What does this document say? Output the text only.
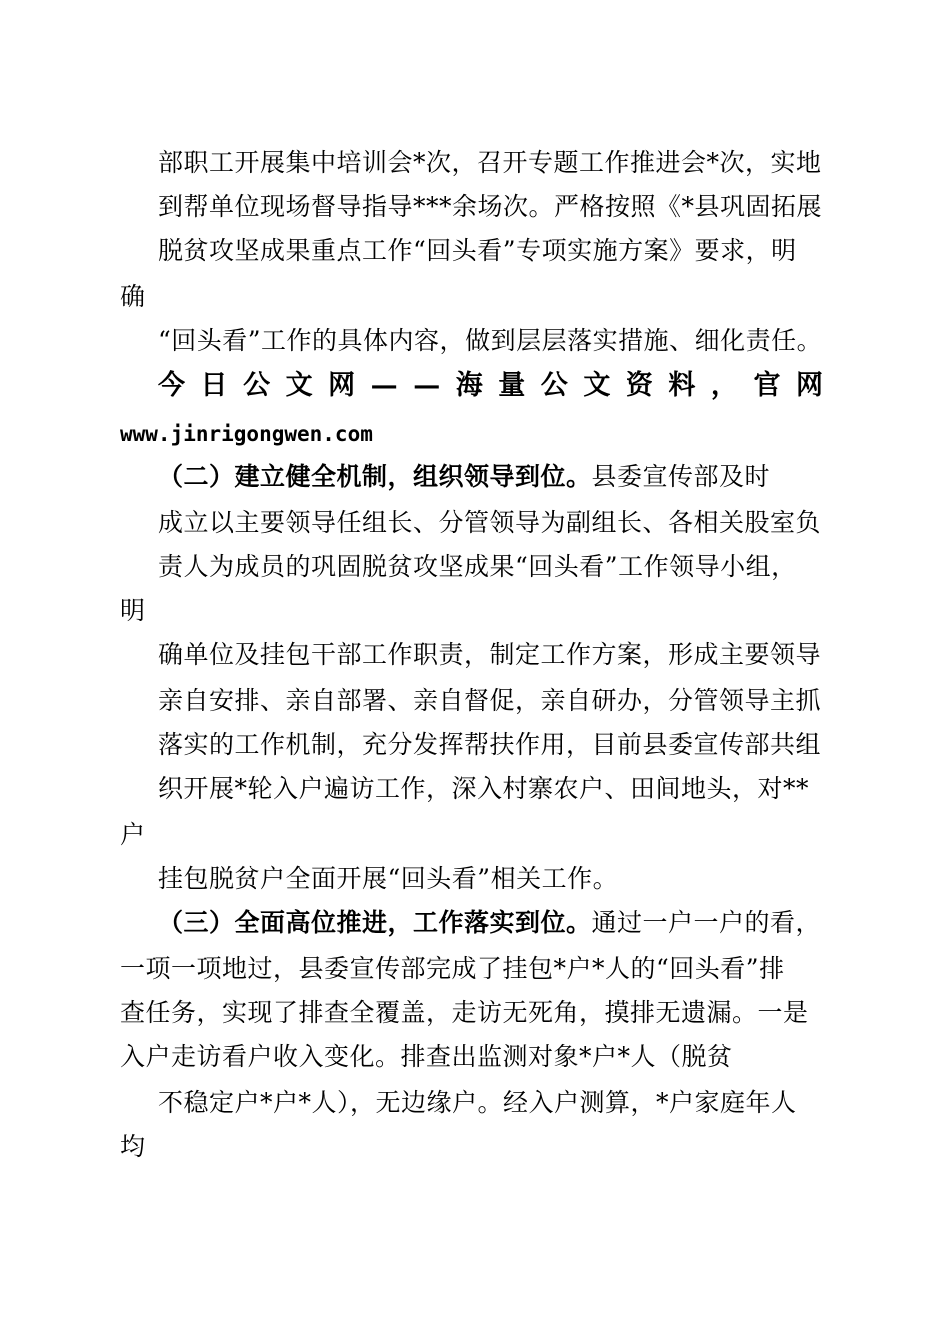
部职工开展集中培训会*次，召开专题工作推进会*次，实地
到帮单位现场督导指导***余场次。严格按照《*县巩固拓展
脱贫攻坚成果重点工作“回头看”专项实施方案》要求，明
确
“回头看”工作的具体内容，做到层层落实措施、细化责任。
今 日 公 文 网 — — 海 量 公 文 资 料 ， 官 网
www.jinrigongwen.com
（二）建立健全机制，组织领导到位。县委宣传部及时
成立以主要领导任组长、分管领导为副组长、各相关股室负
责人为成员的巩固脱贫攻坚成果“回头看”工作领导小组，
明
确单位及挂包干部工作职责，制定工作方案，形成主要领导
亲自安排、亲自部署、亲自督促，亲自研办，分管领导主抓
落实的工作机制，充分发挥帮扶作用，目前县委宣传部共组
织开展*轮入户遍访工作，深入村寨农户、田间地头，对**
户
挂包脱贫户全面开展“回头看”相关工作。
（三）全面高位推进，工作落实到位。通过一户一户的看，
一项一项地过，县委宣传部完成了挂包*户*人的“回头看”排
查任务，实现了排查全覆盖，走访无死角，摸排无遗漏。一是
入户走访看户收入变化。排查出监测对象*户*人（脱贫
不稳定户*户*人），无边缘户。经入户测算，*户家庭年人
均
